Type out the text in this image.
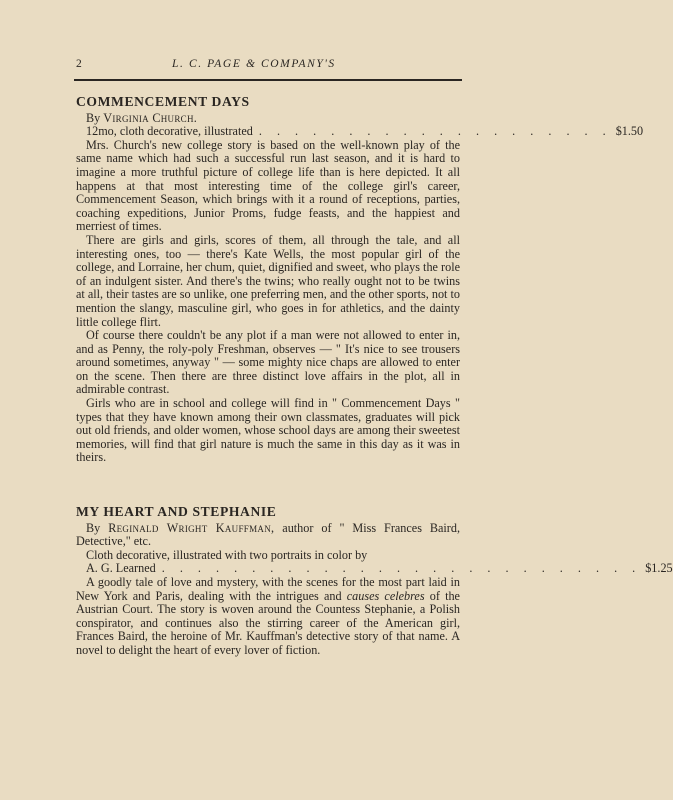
2	L. C. PAGE & COMPANY'S
COMMENCEMENT DAYS
By Virginia Church.
12mo, cloth decorative, illustrated . . . . . . . . . . . . . . . . . . . . $1.50

Mrs. Church's new college story is based on the well-known play of the same name which had such a successful run last season, and it is hard to imagine a more truthful picture of college life than is here depicted. It all happens at that most interesting time of the college girl's career, Commencement Season, which brings with it a round of receptions, parties, coaching expeditions, Junior Proms, fudge feasts, and the happiest and merriest of times.

There are girls and girls, scores of them, all through the tale, and all interesting ones, too — there's Kate Wells, the most popular girl of the college, and Lorraine, her chum, quiet, dignified and sweet, who plays the role of an indulgent sister. And there's the twins; who really ought not to be twins at all, their tastes are so unlike, one preferring men, and the other sports, not to mention the slangy, masculine girl, who goes in for athletics, and the dainty little college flirt.

Of course there couldn't be any plot if a man were not allowed to enter in, and as Penny, the roly-poly Freshman, observes — " It's nice to see trousers around sometimes, anyway " — some mighty nice chaps are allowed to enter on the scene. Then there are three distinct love affairs in the plot, all in admirable contrast.

Girls who are in school and college will find in " Commencement Days " types that they have known among their own classmates, graduates will pick out old friends, and older women, whose school days are among their sweetest memories, will find that girl nature is much the same in this day as it was in theirs.

MY HEART AND STEPHANIE

By Reginald Wright Kauffman, author of " Miss Frances Baird, Detective," etc.

Cloth decorative, illustrated with two portraits in color by

A. G. Learned . . . . . . . . . . . . . . . . . . . . . . . . . . . $1.25

A goodly tale of love and mystery, with the scenes for the most part laid in New York and Paris, dealing with the intrigues and causes celebres of the Austrian Court. The story is woven around the Countess Stephanie, a Polish conspirator, and continues also the stirring career of the American girl, Frances Baird, the heroine of Mr. Kauffman's detective story of that name. A novel to delight the heart of every lover of fiction.
